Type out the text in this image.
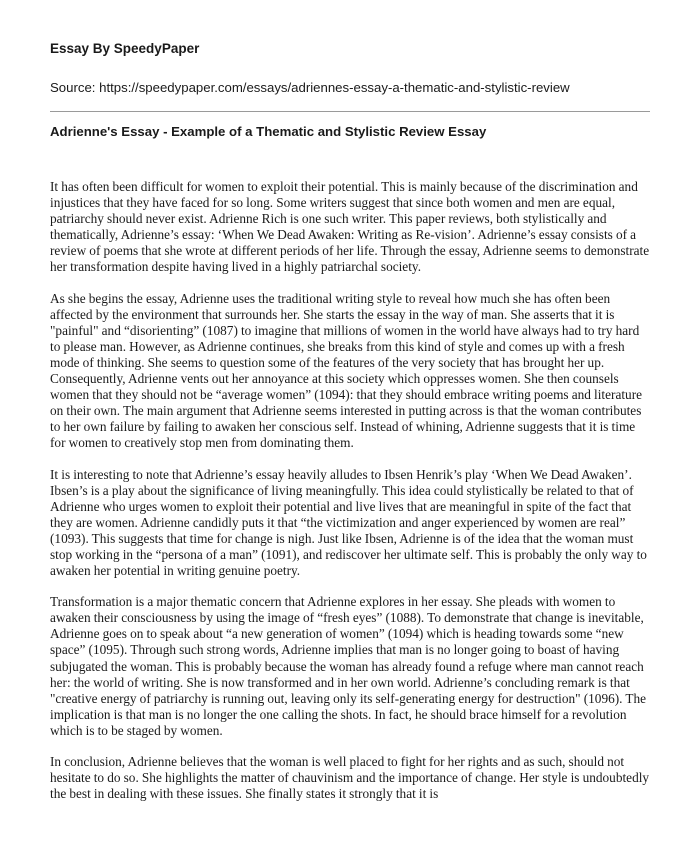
Essay By SpeedyPaper
Source: https://speedypaper.com/essays/adriennes-essay-a-thematic-and-stylistic-review
Adrienne's Essay - Example of a Thematic and Stylistic Review Essay

It has often been difficult for women to exploit their potential. This is mainly because of the discrimination and injustices that they have faced for so long. Some writers suggest that since both women and men are equal, patriarchy should never exist. Adrienne Rich is one such writer. This paper reviews, both stylistically and thematically, Adrienne’s essay: ‘When We Dead Awaken: Writing as Re-vision’. Adrienne’s essay consists of a review of poems that she wrote at different periods of her life. Through the essay, Adrienne seems to demonstrate her transformation despite having lived in a highly patriarchal society.

As she begins the essay, Adrienne uses the traditional writing style to reveal how much she has often been affected by the environment that surrounds her. She starts the essay in the way of man. She asserts that it is "painful" and “disorienting” (1087) to imagine that millions of women in the world have always had to try hard to please man. However, as Adrienne continues, she breaks from this kind of style and comes up with a fresh mode of thinking. She seems to question some of the features of the very society that has brought her up. Consequently, Adrienne vents out her annoyance at this society which oppresses women. She then counsels women that they should not be “average women” (1094): that they should embrace writing poems and literature on their own. The main argument that Adrienne seems interested in putting across is that the woman contributes to her own failure by failing to awaken her conscious self. Instead of whining, Adrienne suggests that it is time for women to creatively stop men from dominating them.

It is interesting to note that Adrienne’s essay heavily alludes to Ibsen Henrik’s play ‘When We Dead Awaken’. Ibsen’s is a play about the significance of living meaningfully. This idea could stylistically be related to that of Adrienne who urges women to exploit their potential and live lives that are meaningful in spite of the fact that they are women. Adrienne candidly puts it that “the victimization and anger experienced by women are real” (1093). This suggests that time for change is nigh. Just like Ibsen, Adrienne is of the idea that the woman must stop working in the “persona of a man” (1091), and rediscover her ultimate self. This is probably the only way to awaken her potential in writing genuine poetry.

Transformation is a major thematic concern that Adrienne explores in her essay. She pleads with women to awaken their consciousness by using the image of “fresh eyes” (1088). To demonstrate that change is inevitable, Adrienne goes on to speak about “a new generation of women” (1094) which is heading towards some “new space” (1095). Through such strong words, Adrienne implies that man is no longer going to boast of having subjugated the woman. This is probably because the woman has already found a refuge where man cannot reach her: the world of writing. She is now transformed and in her own world. Adrienne’s concluding remark is that "creative energy of patriarchy is running out, leaving only its self-generating energy for destruction" (1096). The implication is that man is no longer the one calling the shots. In fact, he should brace himself for a revolution which is to be staged by women.

In conclusion, Adrienne believes that the woman is well placed to fight for her rights and as such, should not hesitate to do so. She highlights the matter of chauvinism and the importance of change. Her style is undoubtedly the best in dealing with these issues. She finally states it strongly that it is
